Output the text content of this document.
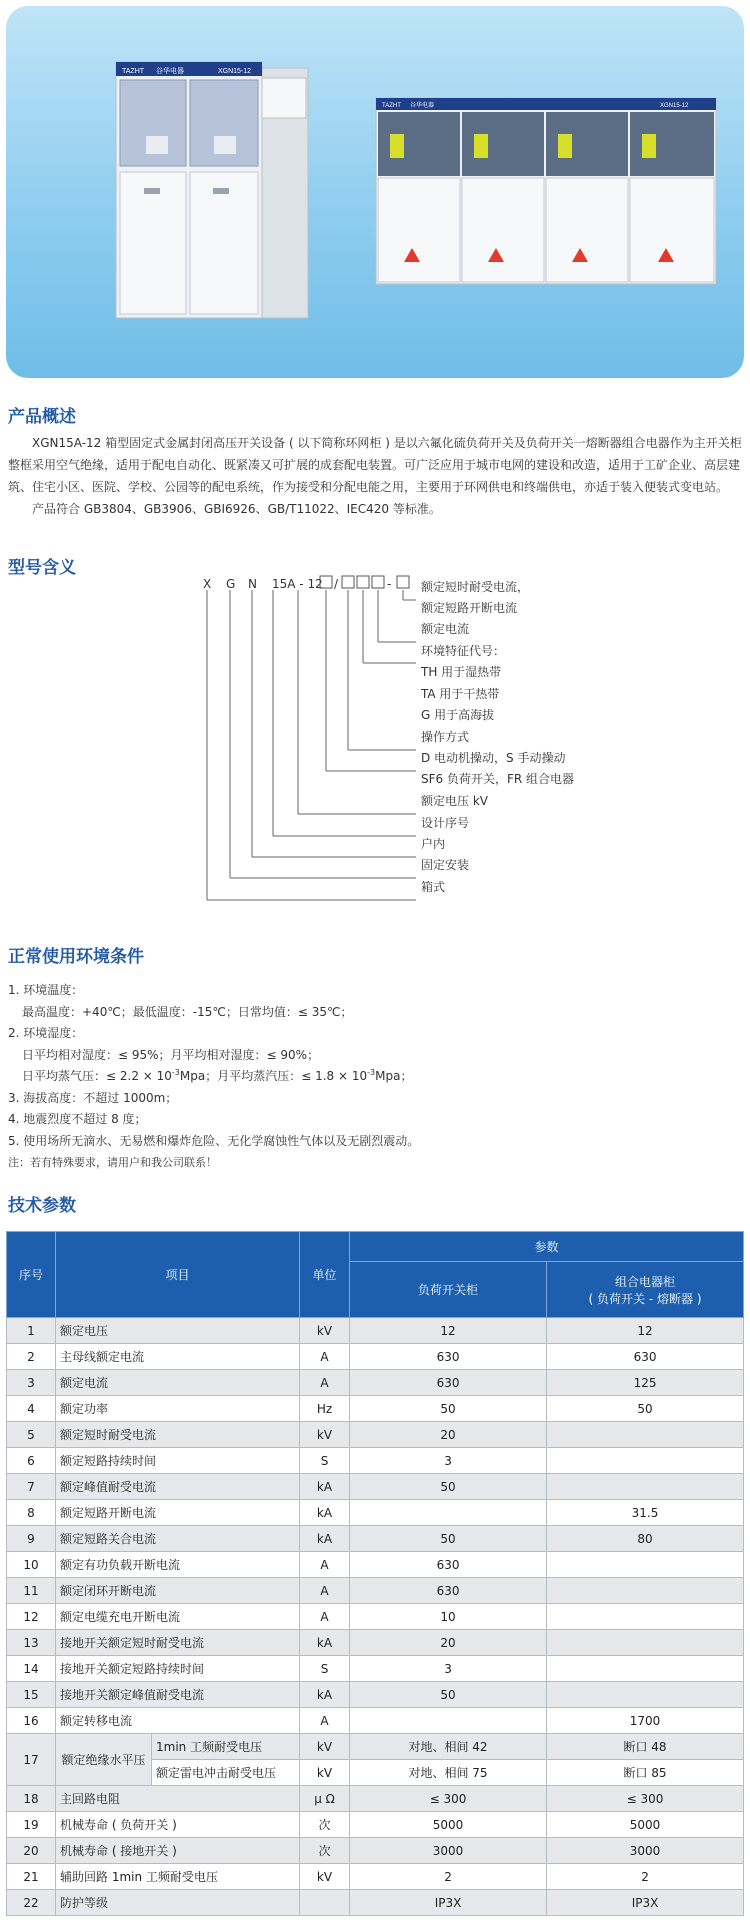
TAZHT 谷华电器	XGN15-12
TAZHT 谷华电器	XGN15-12
产品概述

XGN15A-12 箱型固定式金属封闭高压开关设备 ( 以下简称环网柜 ) 是以六氟化硫负荷开关及负荷开关一熔断器组合电器作为主开关柜整框采用空气绝缘，适用于配电自动化、既紧凑又可扩展的成套配电装置。可广泛应用于城市电网的建设和改造，适用于工矿企业、高层建筑、住宅小区、医院、学校、公园等的配电系统，作为接受和分配电能之用，主要用于环网供电和终端供电，亦适于装入便装式变电站。

产品符合 GB3804、GB3906、GBI6926、GB/T11022、IEC420 等标准。

型号含义
X G N 15A - 12 /	- 额定短时耐受电流，
额定短路开断电流
额定电流
环境特征代号：
TH 用于湿热带
TA 用于干热带
G 用于高海拔
操作方式
D 电动机操动，S 手动操动
SF6 负荷开关，FR 组合电器
额定电压 kV
设计序号
户内
固定安装
箱式
正常使用环境条件
1. 环境温度：
最高温度：+40℃；最低温度：-15℃；日常均值：≤ 35℃；
2. 环境湿度：
日平均相对湿度：≤ 95%；月平均相对湿度：≤ 90%；
日平均蒸气压：≤ $2.2 \times 10^{-3}Mpa$；月平均蒸汽压：≤ $1.8 \times 10^{-3}Mpa$；
3. 海拔高度：不超过 1000m；
4. 地震烈度不超过 8 度；
5. 使用场所无滴水、无易燃和爆炸危险、无化学腐蚀性气体以及无剧烈震动。
注：若有特殊要求，请用户和我公司联系！
技术参数
序号	项目		单位	参数	
				负荷开关柜	组合电器柜
( 负荷开关 - 熔断器 )

1	额定电压		kV	12	12
2	主母线额定电流		A	630	630
3	额定电流		A	630	125
4	额定功率		Hz	50	50
5	额定短时耐受电流		kV	20	
6	额定短路持续时间		S	3	
7	额定峰值耐受电流		kA	50	
8	额定短路开断电流		kA		31.5
9	额定短路关合电流		kA	50	80
10	额定有功负载开断电流		A	630	
11	额定闭环开断电流		A	630	
12	额定电缆充电开断电流		A	10	
13	接地开关额定短时耐受电流		kA	20	
14	接地开关额定短路持续时间		S	3	
15	接地开关额定峰值耐受电流		kA	50	
16	额定转移电流		A		1700
17	额定绝缘水平压	1min 工频耐受电压	kV	对地、相间 42	断口 48
		额定雷电冲击耐受电压	kV	对地、相间 75	断口 85
18	主回路电阻		μ Ω	≤ 300	≤ 300
19	机械寿命 ( 负荷开关 )		次	5000	5000
20	机械寿命 ( 接地开关 )		次	3000	3000
21	辅助回路 1min 工频耐受电压		kV	2	2
22	防护等级			IP3X	IP3X
